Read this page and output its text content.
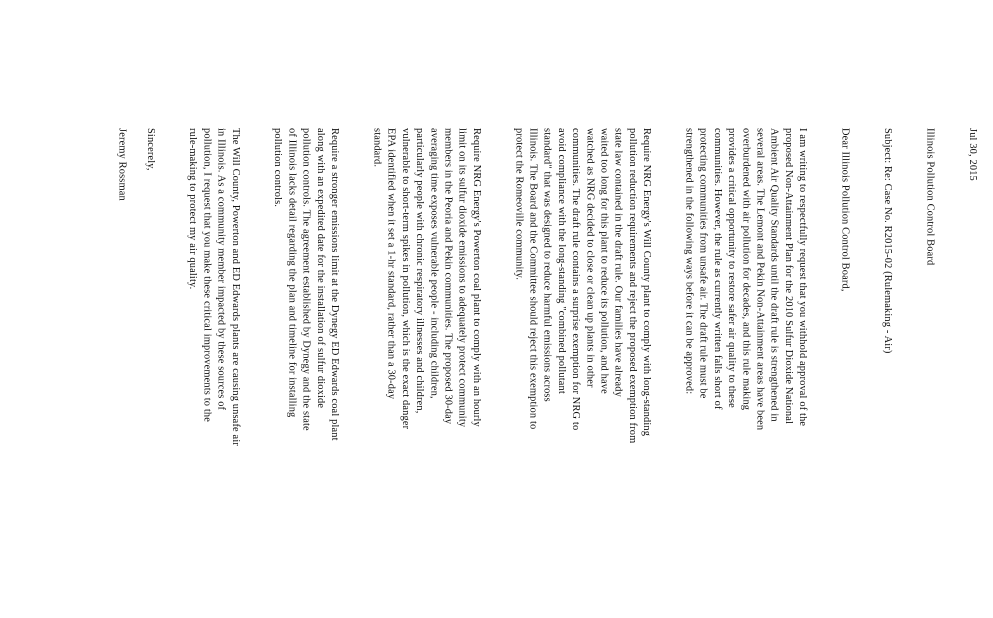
Jul 30, 2015

Illinois Pollution Control Board

Subject: Re: Case No. R2015-02 (Rulemaking - Air)

Dear Illinois Pollution Control Board,

I am writing to respectfully request that you withhold approval of the
proposed Non-Attainment Plan for the 2010 Sulfur Dioxide National
Ambient Air Quality Standards until the draft rule is strengthened in
several areas. The Lemont and Pekin Non-Attainment areas have been
overburdened with air pollution for decades, and this rule making
provides a critical opportunity to restore safer air quality to these
communities. However, the rule as currently written falls short of
protecting communities from unsafe air. The draft rule must be
strengthened in the following ways before it can be approved:

Require NRG Energy's Will County plant to comply with long-standing
pollution reduction requirements and reject the proposed exemption from
state law contained in the draft rule. Our families have already
waited too long for this plant to reduce its pollution, and have
watched as NRG decided to close or clean up plants in other
communities. The draft rule contains a surprise exemption for NRG to
avoid compliance with the long-standing "combined pollutant
standard" that was designed to reduce harmful emissions across
Illinois. The Board and the Committee should reject this exemption to
protect the Romeoville community.

Require NRG Energy's Powerton coal plant to comply with an hourly
limit on its sulfur dioxide emissions to adequately protect community
members in the Peoria and Pekin communities. The proposed 30-day
averaging time exposes vulnerable people - including children,
particularly people with chronic respiratory illnesses and children,
vulnerable to short-term spikes in pollution, which is the exact danger
EPA identified when it set a 1-hr standard, rather than a 30-day
standard.

Require a stronger emissions limit at the Dynegy ED Edwards coal plant
along with an expedited date for the installation of sulfur dioxide
pollution controls. The agreement established by Dynegy and the state
of Illinois lacks detail regarding the plan and timeline for installing
pollution controls.

The Will County, Powerton and ED Edwards plants are causing unsafe air
in Illinois. As a community member impacted by these sources of
pollution, I request that you make these critical improvements to the
rule-making to protect my air quality.

Sincerely,

Jeremy Rossman
